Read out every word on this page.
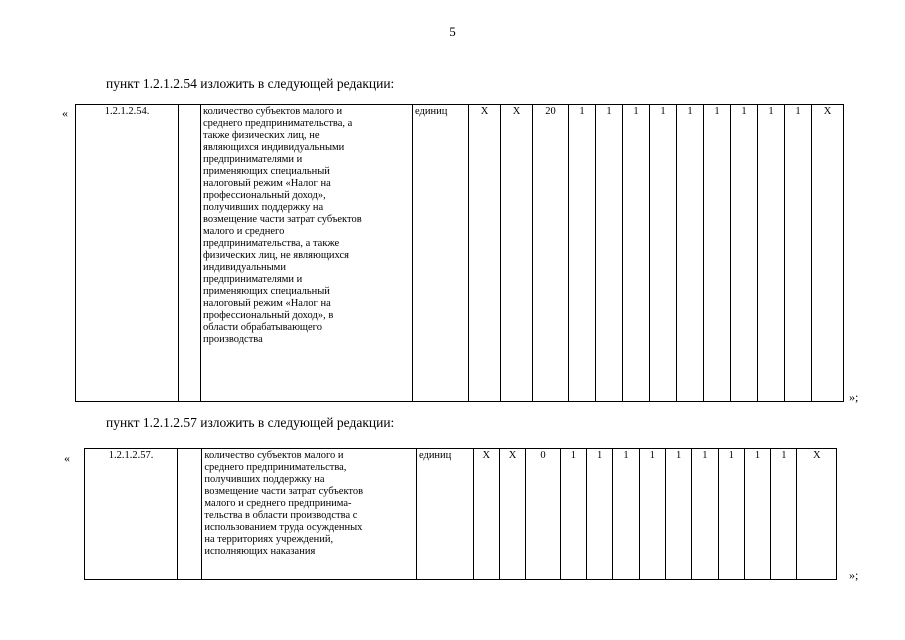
5
пункт 1.2.1.2.54 изложить в следующей редакции:
«	1.2.1.2.54.		количество субъектов малого и
среднего предпринимательства, а
также физических лиц, не
являющихся индивидуальными
предпринимателями и
применяющих специальный
налоговый режим «Налог на
профессиональный доход»,
получивших поддержку на
возмещение части затрат субъектов
малого и среднего
предпринимательства, а также
физических лиц, не являющихся
индивидуальными
предпринимателями и
применяющих специальный
налоговый режим «Налог на
профессиональный доход», в
области обрабатывающего
производства
	единиц	Х	Х	20	1	1	1	1	1	1	1	1	1	Х
»;
пункт 1.2.1.2.57 изложить в следующей редакции:
«	1.2.1.2.57.		количество субъектов малого и
среднего предпринимательства,
получивших поддержку на
возмещение части затрат субъектов
малого и среднего предпринима-
тельства в области производства с
использованием труда осужденных
на территориях учреждений,
исполняющих наказания
	единиц	Х	Х	0	1	1	1	1	1	1	1	1	1	Х
»;
